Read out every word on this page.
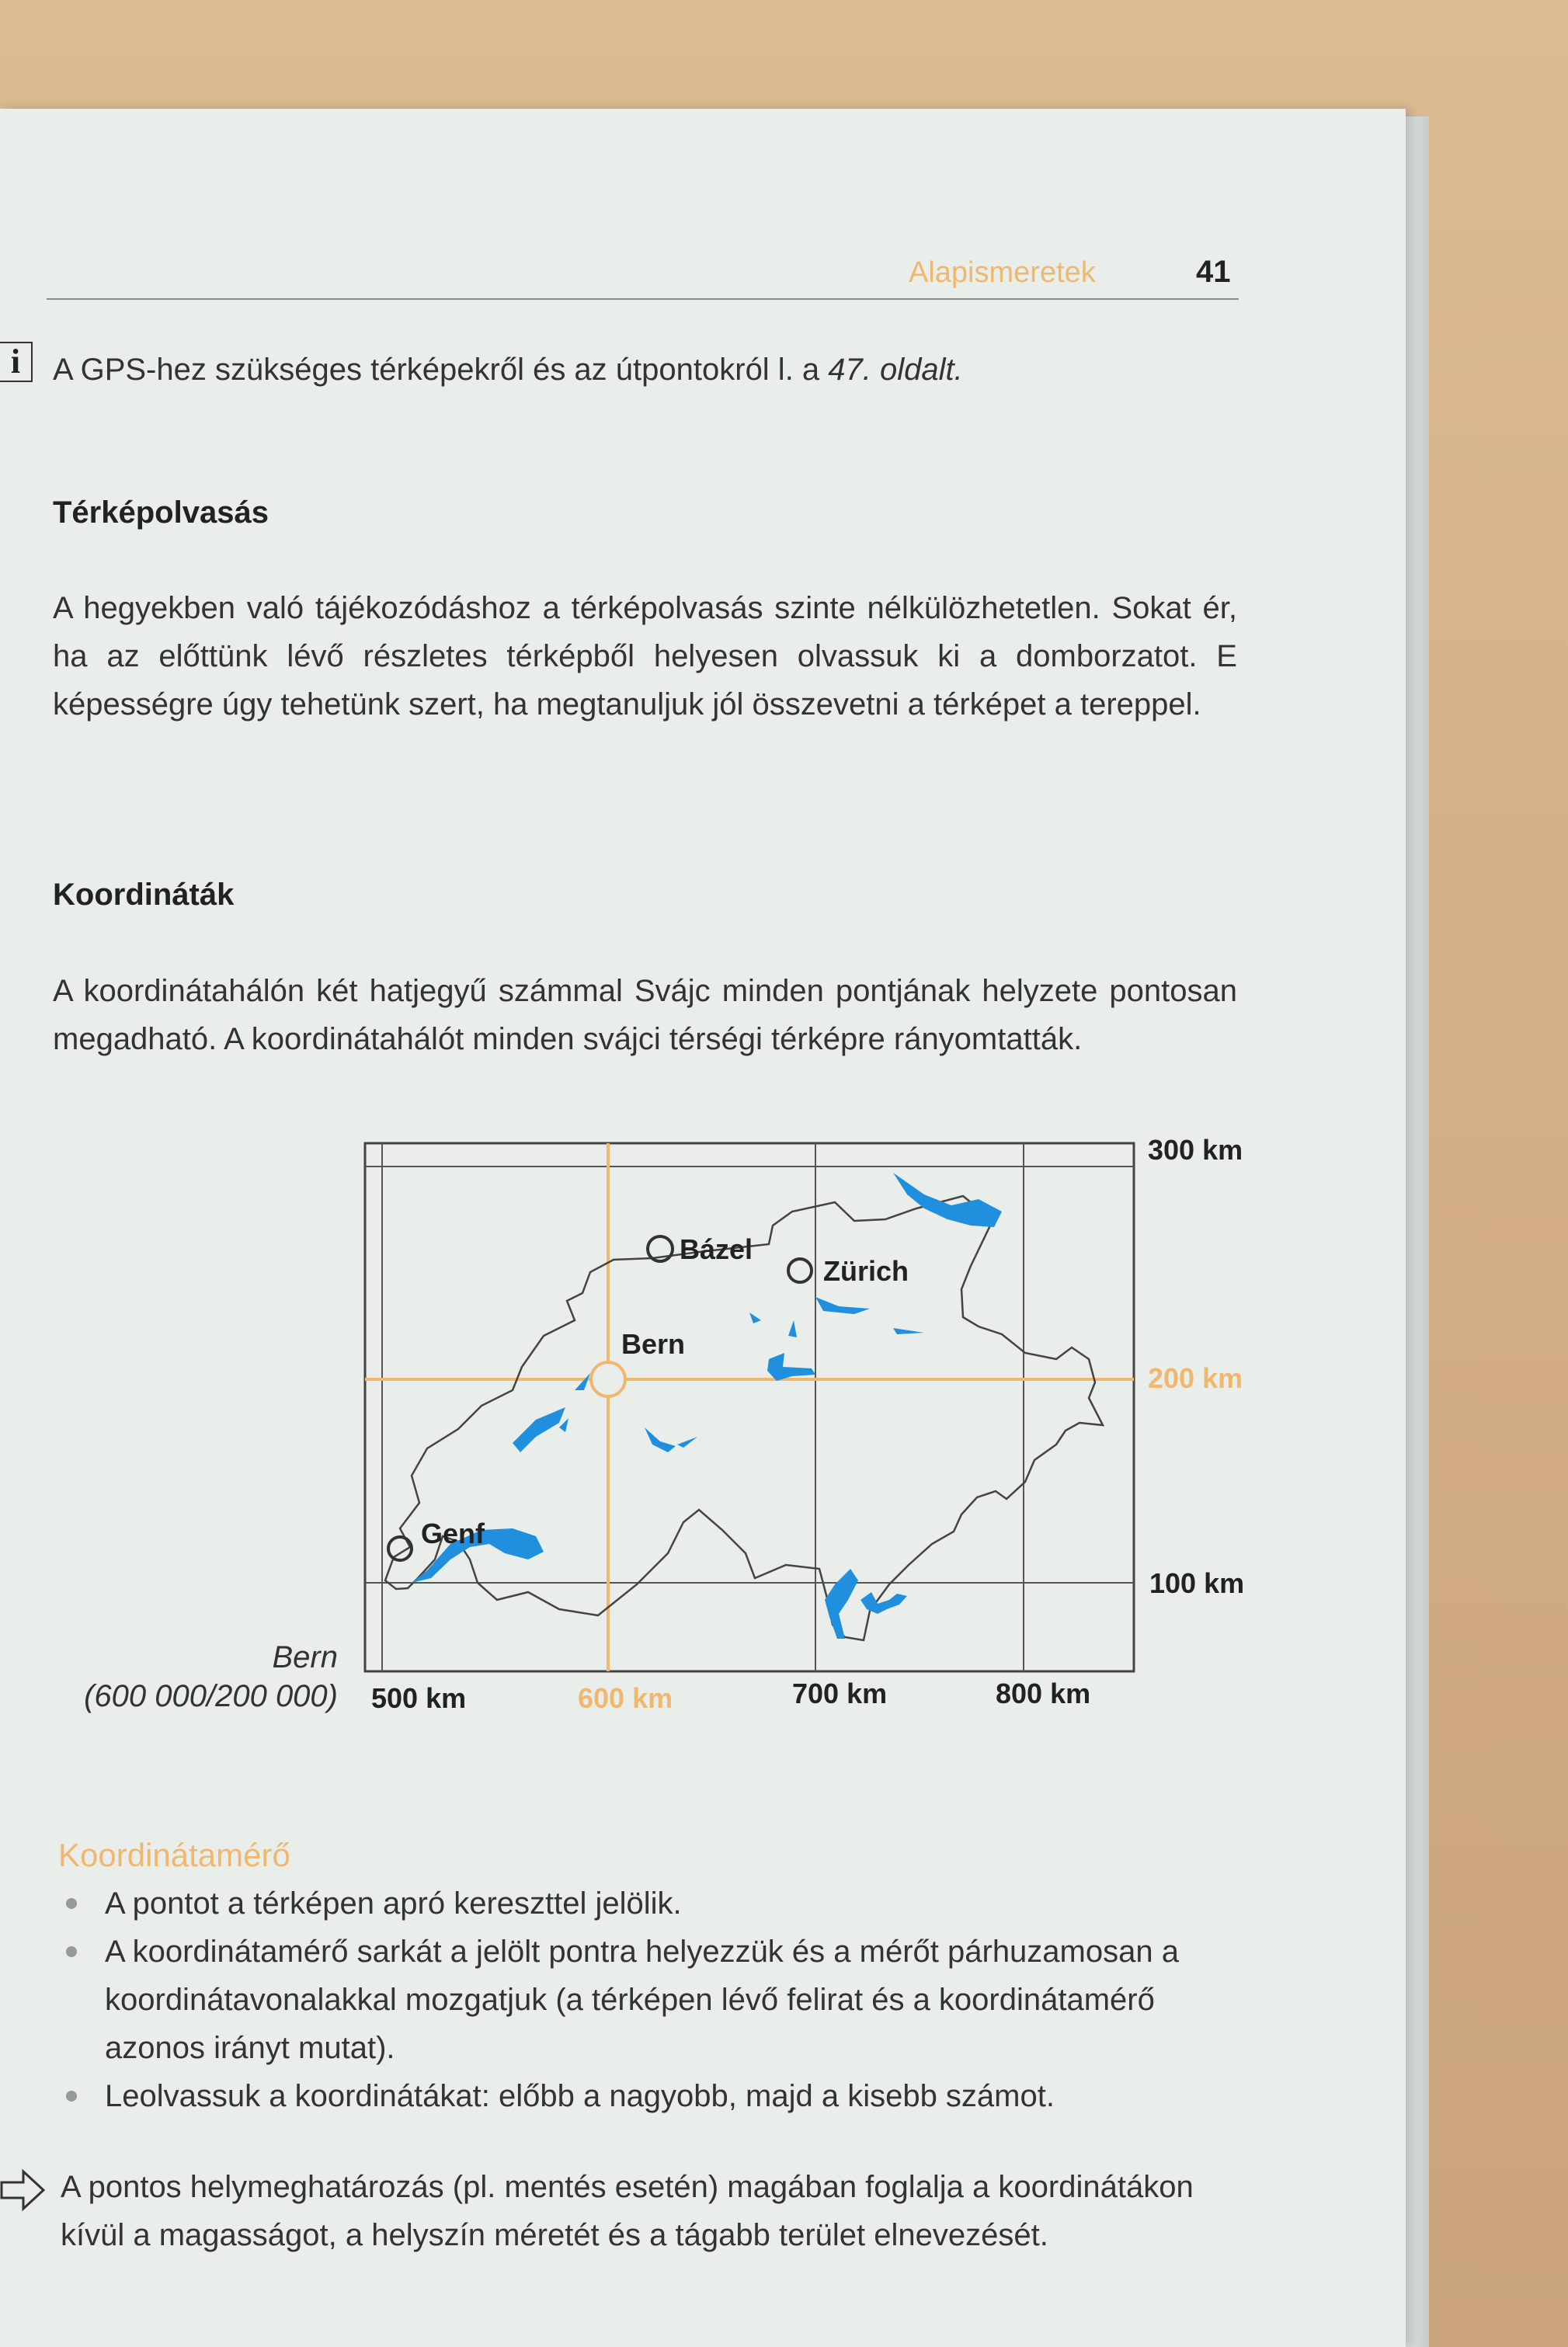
Alapismeretek	41
i	A GPS-hez szükséges térképekről és az útpontokról l. a 47. oldalt.
Térképolvasás
A hegyekben való tájékozódáshoz a térképolvasás szinte nélkülözhetetlen. Sokat ér, ha az előttünk lévő részletes térképből helyesen olvassuk ki a domborzatot. E képességre úgy tehetünk szert, ha megtanuljuk jól összevetni a térképet a tereppel.
Koordináták
A koordinátahálón két hatjegyű számmal Svájc minden pontjának helyzete pontosan megadható. A koordinátahálót minden svájci térségi térképre rányomtatták.
Bázel
Zürich
Bern
Genf
500 km	600 km	700 km	800 km
300 km
200 km
100 km
Bern
(600 000/200 000)
Koordinátamérő
A pontot a térképen apró kereszttel jelölik.
A koordinátamérő sarkát a jelölt pontra helyezzük és a mérőt párhuzamosan a koordinátavonalakkal mozgatjuk (a térképen lévő felirat és a koordinátamérő azonos irányt mutat).
Leolvassuk a koordinátákat: előbb a nagyobb, majd a kisebb számot.
A pontos helymeghatározás (pl. mentés esetén) magában foglalja a koordinátákon kívül a magasságot, a helyszín méretét és a tágabb terület elnevezését.
